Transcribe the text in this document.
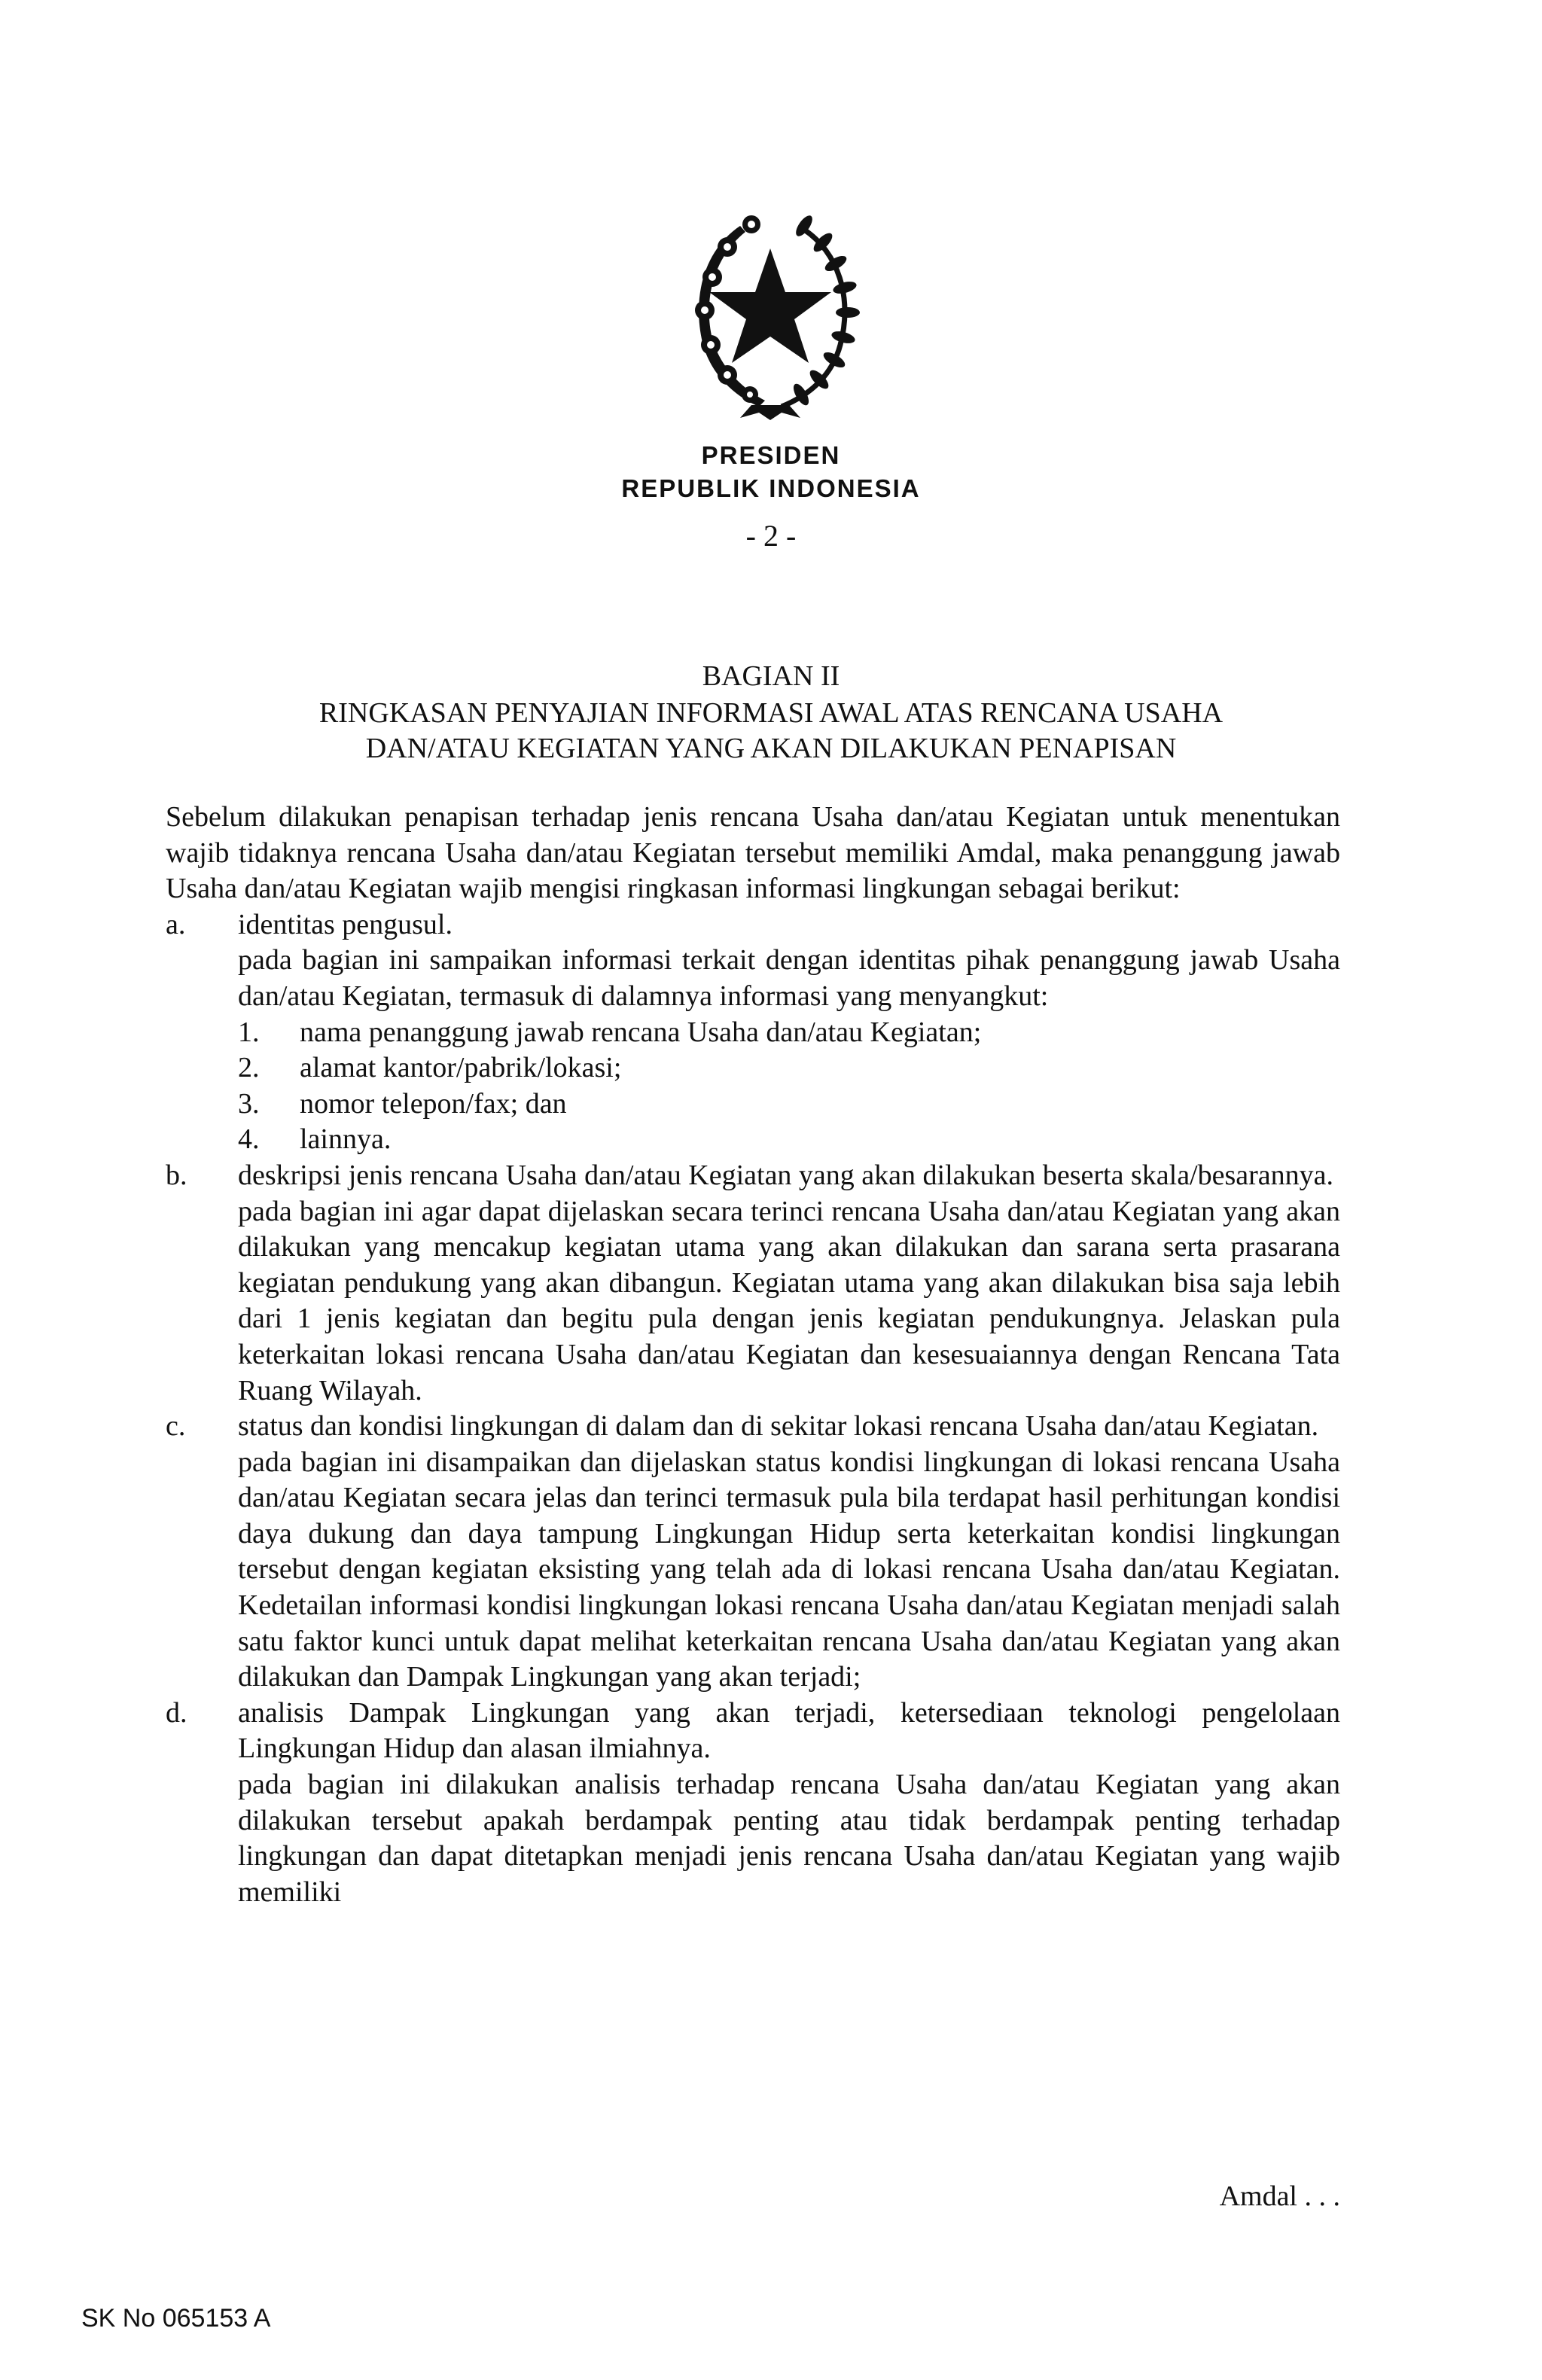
PRESIDEN
REPUBLIK INDONESIA
- 2 -
BAGIAN II
RINGKASAN PENYAJIAN INFORMASI AWAL ATAS RENCANA USAHA
DAN/ATAU KEGIATAN YANG AKAN DILAKUKAN PENAPISAN

Sebelum dilakukan penapisan terhadap jenis rencana Usaha dan/atau Kegiatan untuk menentukan wajib tidaknya rencana Usaha dan/atau Kegiatan tersebut memiliki Amdal, maka penanggung jawab Usaha dan/atau Kegiatan wajib mengisi ringkasan informasi lingkungan sebagai berikut:

a. identitas pengusul.

pada bagian ini sampaikan informasi terkait dengan identitas pihak penanggung jawab Usaha dan/atau Kegiatan, termasuk di dalamnya informasi yang menyangkut:

1. nama penanggung jawab rencana Usaha dan/atau Kegiatan;
2. alamat kantor/pabrik/lokasi;
3. nomor telepon/fax; dan
4. lainnya.
b. deskripsi jenis rencana Usaha dan/atau Kegiatan yang akan dilakukan beserta skala/besarannya.

pada bagian ini agar dapat dijelaskan secara terinci rencana Usaha dan/atau Kegiatan yang akan dilakukan yang mencakup kegiatan utama yang akan dilakukan dan sarana serta prasarana kegiatan pendukung yang akan dibangun. Kegiatan utama yang akan dilakukan bisa saja lebih dari 1 jenis kegiatan dan begitu pula dengan jenis kegiatan pendukungnya. Jelaskan pula keterkaitan lokasi rencana Usaha dan/atau Kegiatan dan kesesuaiannya dengan Rencana Tata Ruang Wilayah.

c. status dan kondisi lingkungan di dalam dan di sekitar lokasi rencana Usaha dan/atau Kegiatan.

pada bagian ini disampaikan dan dijelaskan status kondisi lingkungan di lokasi rencana Usaha dan/atau Kegiatan secara jelas dan terinci termasuk pula bila terdapat hasil perhitungan kondisi daya dukung dan daya tampung Lingkungan Hidup serta keterkaitan kondisi lingkungan tersebut dengan kegiatan eksisting yang telah ada di lokasi rencana Usaha dan/atau Kegiatan. Kedetailan informasi kondisi lingkungan lokasi rencana Usaha dan/atau Kegiatan menjadi salah satu faktor kunci untuk dapat melihat keterkaitan rencana Usaha dan/atau Kegiatan yang akan dilakukan dan Dampak Lingkungan yang akan terjadi;

d. analisis Dampak Lingkungan yang akan terjadi, ketersediaan teknologi pengelolaan Lingkungan Hidup dan alasan ilmiahnya.

pada bagian ini dilakukan analisis terhadap rencana Usaha dan/atau Kegiatan yang akan dilakukan tersebut apakah berdampak penting atau tidak berdampak penting terhadap lingkungan dan dapat ditetapkan menjadi jenis rencana Usaha dan/atau Kegiatan yang wajib memiliki

Amdal . . .
SK No 065153 A
